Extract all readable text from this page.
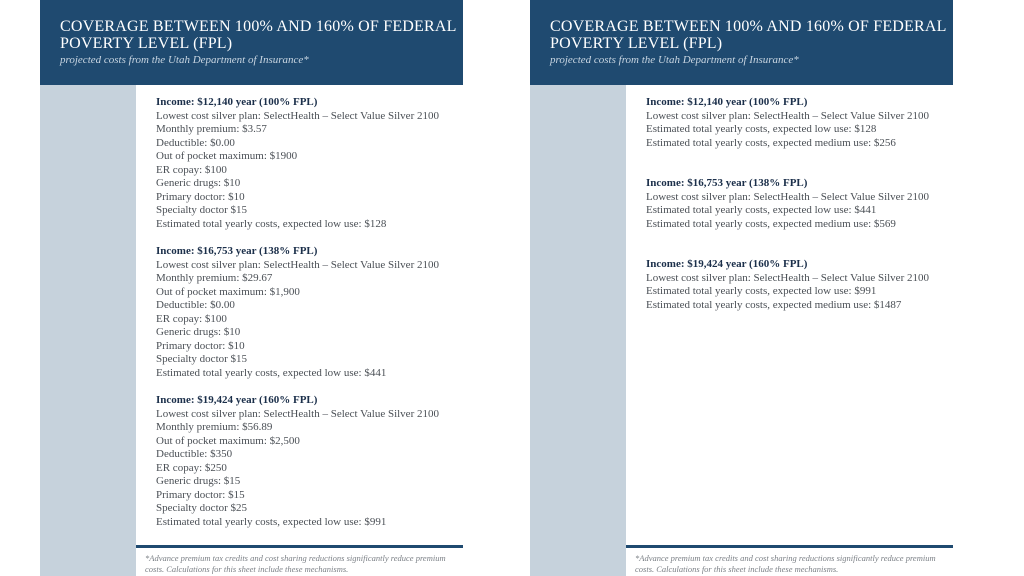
COVERAGE BETWEEN 100% AND 160% OF FEDERAL POVERTY LEVEL (FPL)
projected costs from the Utah Department of Insurance*
Income: $12,140 year (100% FPL)
Lowest cost silver plan: SelectHealth – Select Value Silver 2100
Monthly premium: $3.57
Deductible: $0.00
Out of pocket maximum: $1900
ER copay: $100
Generic drugs: $10
Primary doctor: $10
Specialty doctor $15
Estimated total yearly costs, expected low use: $128
Income: $16,753 year (138% FPL)
Lowest cost silver plan: SelectHealth – Select Value Silver 2100
Monthly premium: $29.67
Out of pocket maximum: $1,900
Deductible: $0.00
ER copay: $100
Generic drugs: $10
Primary doctor: $10
Specialty doctor $15
Estimated total yearly costs, expected low use: $441
Income: $19,424 year (160% FPL)
Lowest cost silver plan: SelectHealth – Select Value Silver 2100
Monthly premium: $56.89
Out of pocket maximum: $2,500
Deductible: $350
ER copay: $250
Generic drugs: $15
Primary doctor: $15
Specialty doctor $25
Estimated total yearly costs, expected low use: $991
*Advance premium tax credits and cost sharing reductions significantly reduce premium costs. Calculations for this sheet include these mechanisms.
COVERAGE BETWEEN 100% AND 160% OF FEDERAL POVERTY LEVEL (FPL)
projected costs from the Utah Department of Insurance*
Income: $12,140 year (100% FPL)
Lowest cost silver plan: SelectHealth – Select Value Silver 2100
Estimated total yearly costs, expected low use: $128
Estimated total yearly costs, expected medium use: $256
Income: $16,753 year (138% FPL)
Lowest cost silver plan: SelectHealth – Select Value Silver 2100
Estimated total yearly costs, expected low use: $441
Estimated total yearly costs, expected medium use: $569
Income: $19,424 year (160% FPL)
Lowest cost silver plan: SelectHealth – Select Value Silver 2100
Estimated total yearly costs, expected low use: $991
Estimated total yearly costs, expected medium use: $1487
*Advance premium tax credits and cost sharing reductions significantly reduce premium costs. Calculations for this sheet include these mechanisms.
